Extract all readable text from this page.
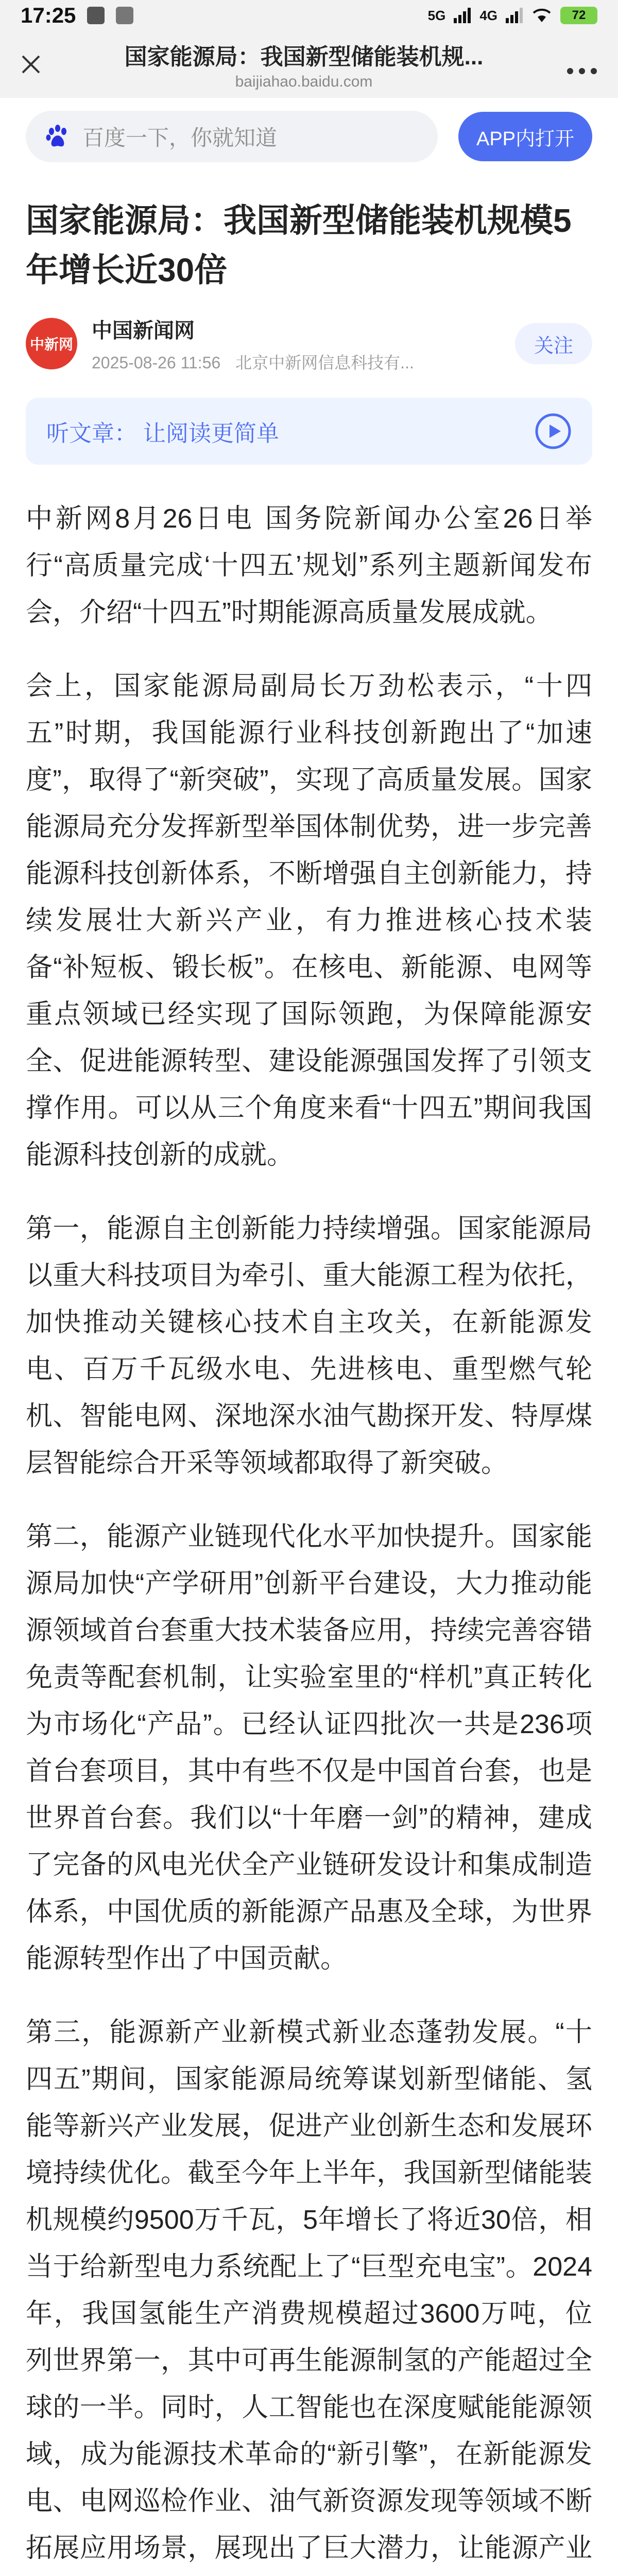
17:25	5G	4G	72
国家能源局：我国新型储能装机规...
baijiahao.baidu.com
百度一下，你就知道	APP内打开
国家能源局：我国新型储能装机规模5年增长近30倍
中新网
中国新闻网
2025-08-26 11:56 北京中新网信息科技有...
关注
听文章： 让阅读更简单

中新网8月26日电 国务院新闻办公室26日举行“高质量完成‘十四五’规划”系列主题新闻发布会，介绍“十四五”时期能源高质量发展成就。

会上，国家能源局副局长万劲松表示，“十四五”时期，我国能源行业科技创新跑出了“加速度”，取得了“新突破”，实现了高质量发展。国家能源局充分发挥新型举国体制优势，进一步完善能源科技创新体系，不断增强自主创新能力，持续发展壮大新兴产业，有力推进核心技术装备“补短板、锻长板”。在核电、新能源、电网等重点领域已经实现了国际领跑，为保障能源安全、促进能源转型、建设能源强国发挥了引领支撑作用。可以从三个角度来看“十四五”期间我国能源科技创新的成就。

第一，能源自主创新能力持续增强。国家能源局以重大科技项目为牵引、重大能源工程为依托，加快推动关键核心技术自主攻关，在新能源发电、百万千瓦级水电、先进核电、重型燃气轮机、智能电网、深地深水油气勘探开发、特厚煤层智能综合开采等领域都取得了新突破。

第二，能源产业链现代化水平加快提升。国家能源局加快“产学研用”创新平台建设，大力推动能源领域首台套重大技术装备应用，持续完善容错免责等配套机制，让实验室里的“样机”真正转化为市场化“产品”。已经认证四批次一共是236项首台套项目，其中有些不仅是中国首台套，也是世界首台套。我们以“十年磨一剑”的精神，建成了完备的风电光伏全产业链研发设计和集成制造体系，中国优质的新能源产品惠及全球，为世界能源转型作出了中国贡献。

第三，能源新产业新模式新业态蓬勃发展。“十四五”期间，国家能源局统筹谋划新型储能、氢能等新兴产业发展，促进产业创新生态和发展环境持续优化。截至今年上半年，我国新型储能装机规模约9500万千瓦，5年增长了将近30倍，相当于给新型电力系统配上了“巨型充电宝”。2024年，我国氢能生产消费规模超过3600万吨，位列世界第一，其中可再生能源制氢的产能超过全球的一半。同时，人工智能也在深度赋能能源领域，成为能源技术革命的“新引擎”，在新能源发电、电网巡检作业、油气新资源发现等领域不断拓展应用场景，展现出了巨大潜力，让能源产业
